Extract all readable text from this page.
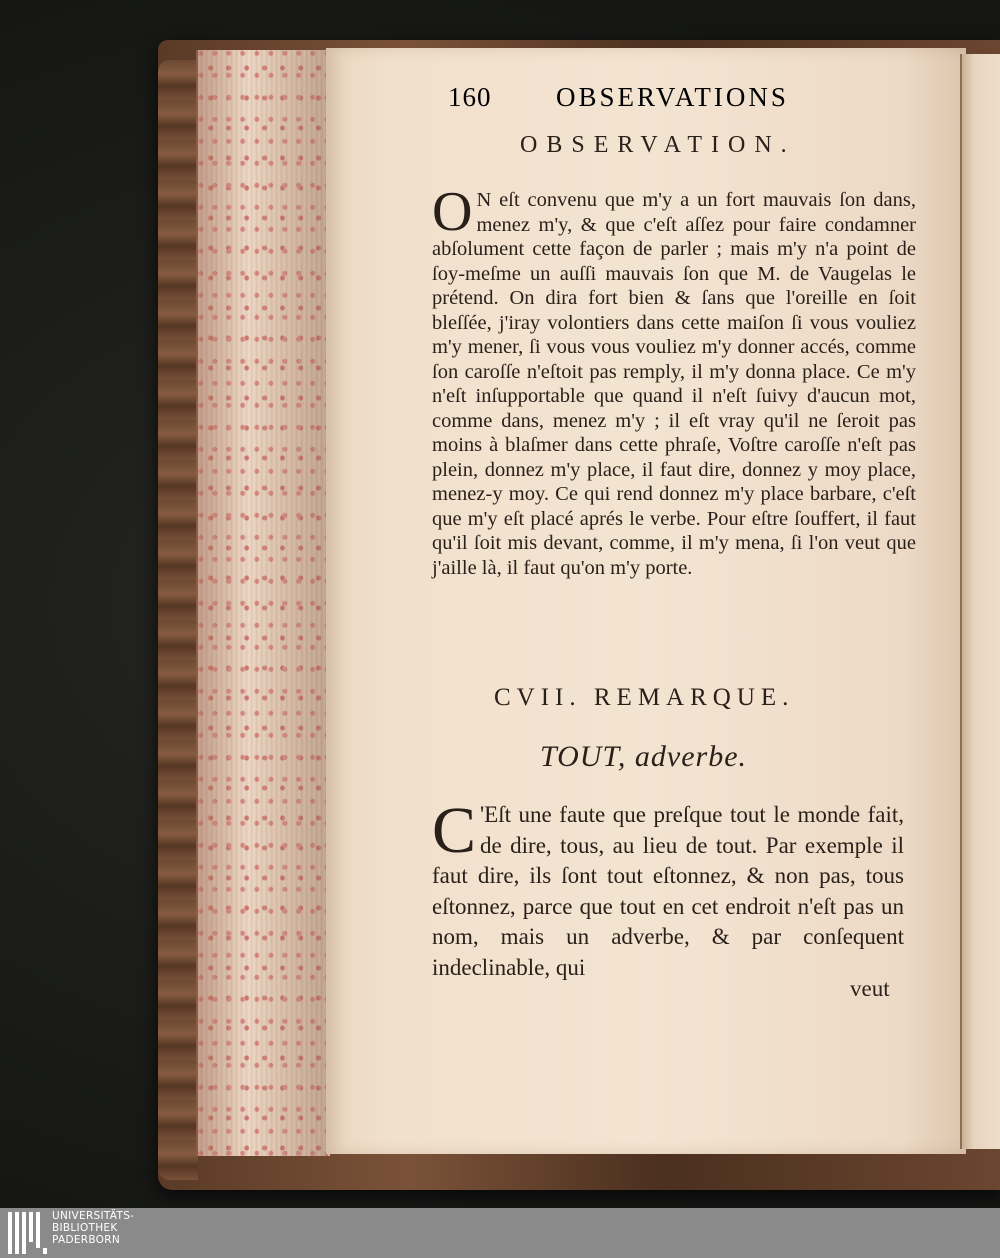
160 OBSERVATIONS
OBSERVATION.
O N eſt convenu que m'y a un fort mauvais ſon dans, menez m'y, & que c'eſt aſſez pour faire condamner abſolument cette façon de parler ; mais m'y n'a point de ſoy-meſme un auſſi mauvais ſon que M. de Vaugelas le prétend. On dira fort bien & ſans que l'oreille en ſoit bleſſée, j'iray volontiers dans cette maiſon ſi vous vouliez m'y mener, ſi vous vous vouliez m'y donner accés, comme ſon caroſſe n'eſtoit pas remply, il m'y donna place. Ce m'y n'eſt inſupportable que quand il n'eſt ſuivy d'aucun mot, comme dans, menez m'y ; il eſt vray qu'il ne ſeroit pas moins à blaſmer dans cette phraſe, Voſtre caroſſe n'eſt pas plein, donnez m'y place, il faut dire, donnez y moy place, menez-y moy. Ce qui rend donnez m'y place barbare, c'eſt que m'y eſt placé aprés le verbe. Pour eſtre ſouffert, il faut qu'il ſoit mis devant, comme, il m'y mena, ſi l'on veut que j'aille là, il faut qu'on m'y porte.
CVII. REMARQUE.
TOUT, adverbe.
C 'Eſt une faute que preſque tout le monde fait, de dire, tous, au lieu de tout. Par exemple il faut dire, ils ſont tout eſtonnez, & non pas, tous eſtonnez, parce que tout en cet endroit n'eſt pas un nom, mais un adverbe, & par conſequent indeclinable, qui
veut
UNIVERSITÄTS-
BIBLIOTHEK
PADERBORN
